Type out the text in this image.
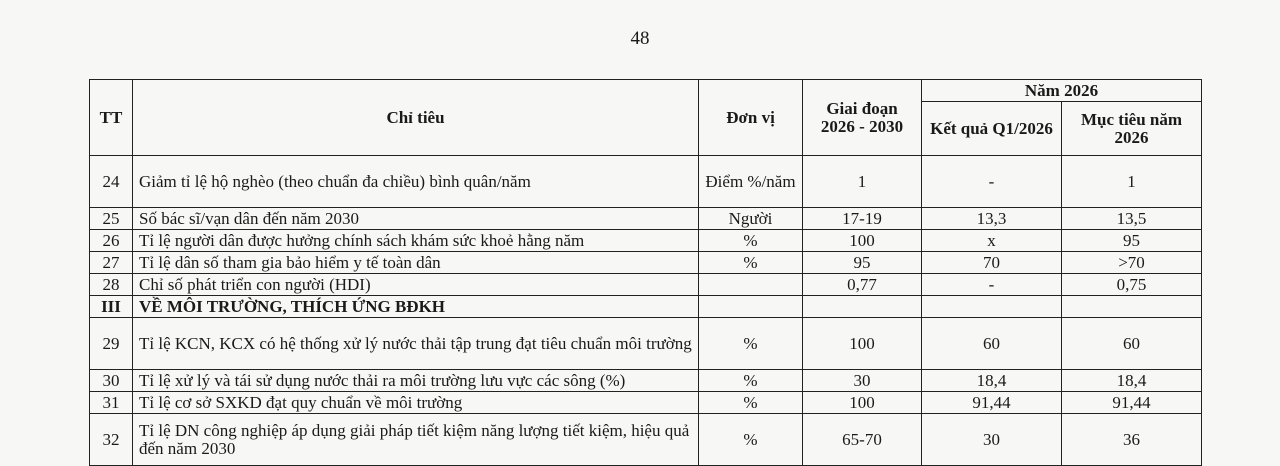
48
TT	Chỉ tiêu	Đơn vị	Giai đoạn 2026 - 2030	Năm 2026	
				Kết quả Q1/2026	Mục tiêu năm 2026
24	Giảm tỉ lệ hộ nghèo (theo chuẩn đa chiều) bình quân/năm	Điểm %/năm	1	-	1
25	Số bác sĩ/vạn dân đến năm 2030	Người	17-19	13,3	13,5
26	Tỉ lệ người dân được hưởng chính sách khám sức khoẻ hằng năm	%	100	x	95
27	Tỉ lệ dân số tham gia bảo hiểm y tế toàn dân	%	95	70	>70
28	Chỉ số phát triển con người (HDI)		0,77	-	0,75
III	VỀ MÔI TRƯỜNG, THÍCH ỨNG BĐKH				
29	Tỉ lệ KCN, KCX có hệ thống xử lý nước thải tập trung đạt tiêu chuẩn môi trường	%	100	60	60
30	Tỉ lệ xử lý và tái sử dụng nước thải ra môi trường lưu vực các sông (%)	%	30	18,4	18,4
31	Tỉ lệ cơ sở SXKD đạt quy chuẩn về môi trường	%	100	91,44	91,44
32	Tỉ lệ DN công nghiệp áp dụng giải pháp tiết kiệm năng lượng tiết kiệm, hiệu quả đến năm 2030	%	65-70	30	36
